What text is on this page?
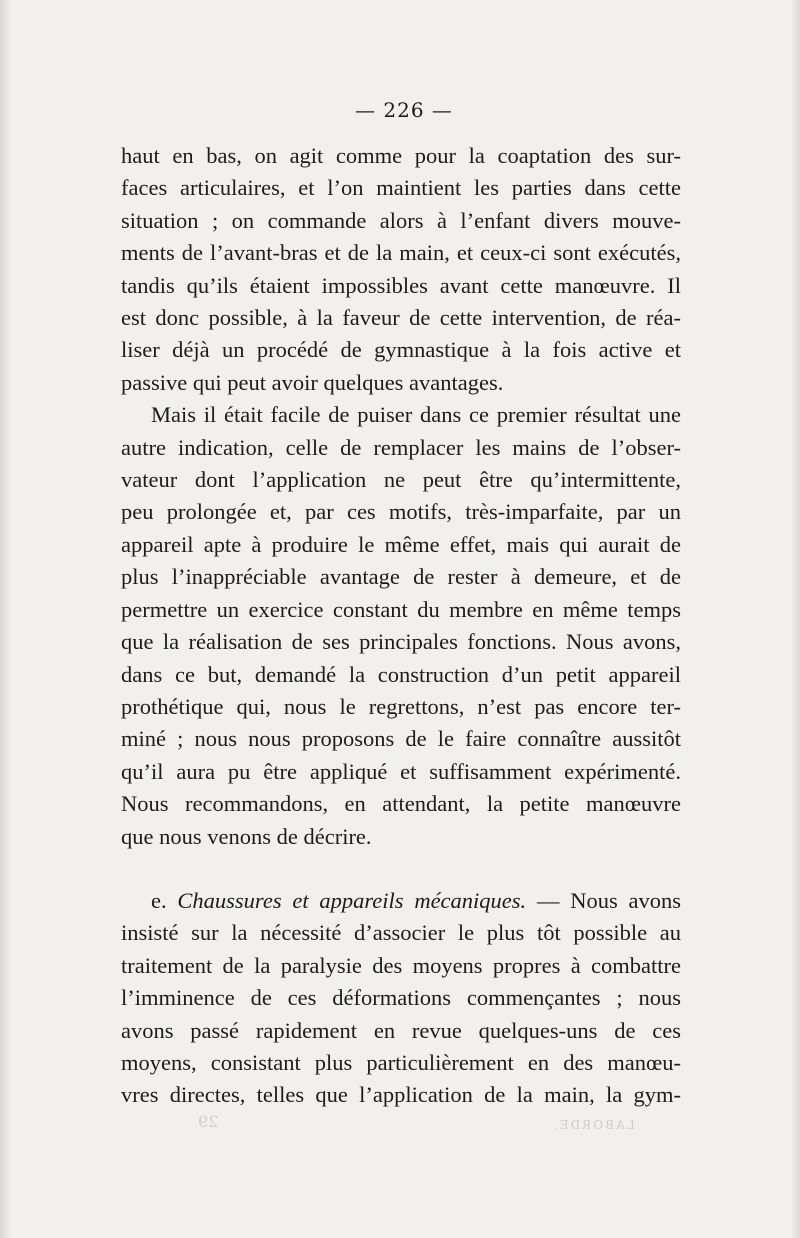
— 226 —
haut en bas, on agit comme pour la coaptation des sur-
faces articulaires, et l’on maintient les parties dans cette
situation ; on commande alors à l’enfant divers mouve-
ments de l’avant-bras et de la main, et ceux-ci sont exécutés,
tandis qu’ils étaient impossibles avant cette manœuvre. Il
est donc possible, à la faveur de cette intervention, de réa-
liser déjà un procédé de gymnastique à la fois active et
passive qui peut avoir quelques avantages.
Mais il était facile de puiser dans ce premier résultat une
autre indication, celle de remplacer les mains de l’obser-
vateur dont l’application ne peut être qu’intermittente,
peu prolongée et, par ces motifs, très-imparfaite, par un
appareil apte à produire le même effet, mais qui aurait de
plus l’inappréciable avantage de rester à demeure, et de
permettre un exercice constant du membre en même temps
que la réalisation de ses principales fonctions. Nous avons,
dans ce but, demandé la construction d’un petit appareil
prothétique qui, nous le regrettons, n’est pas encore ter-
miné ; nous nous proposons de le faire connaître aussitôt
qu’il aura pu être appliqué et suffisamment expérimenté.
Nous recommandons, en attendant, la petite manœuvre
que nous venons de décrire.
e. Chaussures et appareils mécaniques. — Nous avons
insisté sur la nécessité d’associer le plus tôt possible au
traitement de la paralysie des moyens propres à combattre
l’imminence de ces déformations commençantes ; nous
avons passé rapidement en revue quelques-uns de ces
moyens, consistant plus particulièrement en des manœu-
vres directes, telles que l’application de la main, la gym-
29	LABORDE.
